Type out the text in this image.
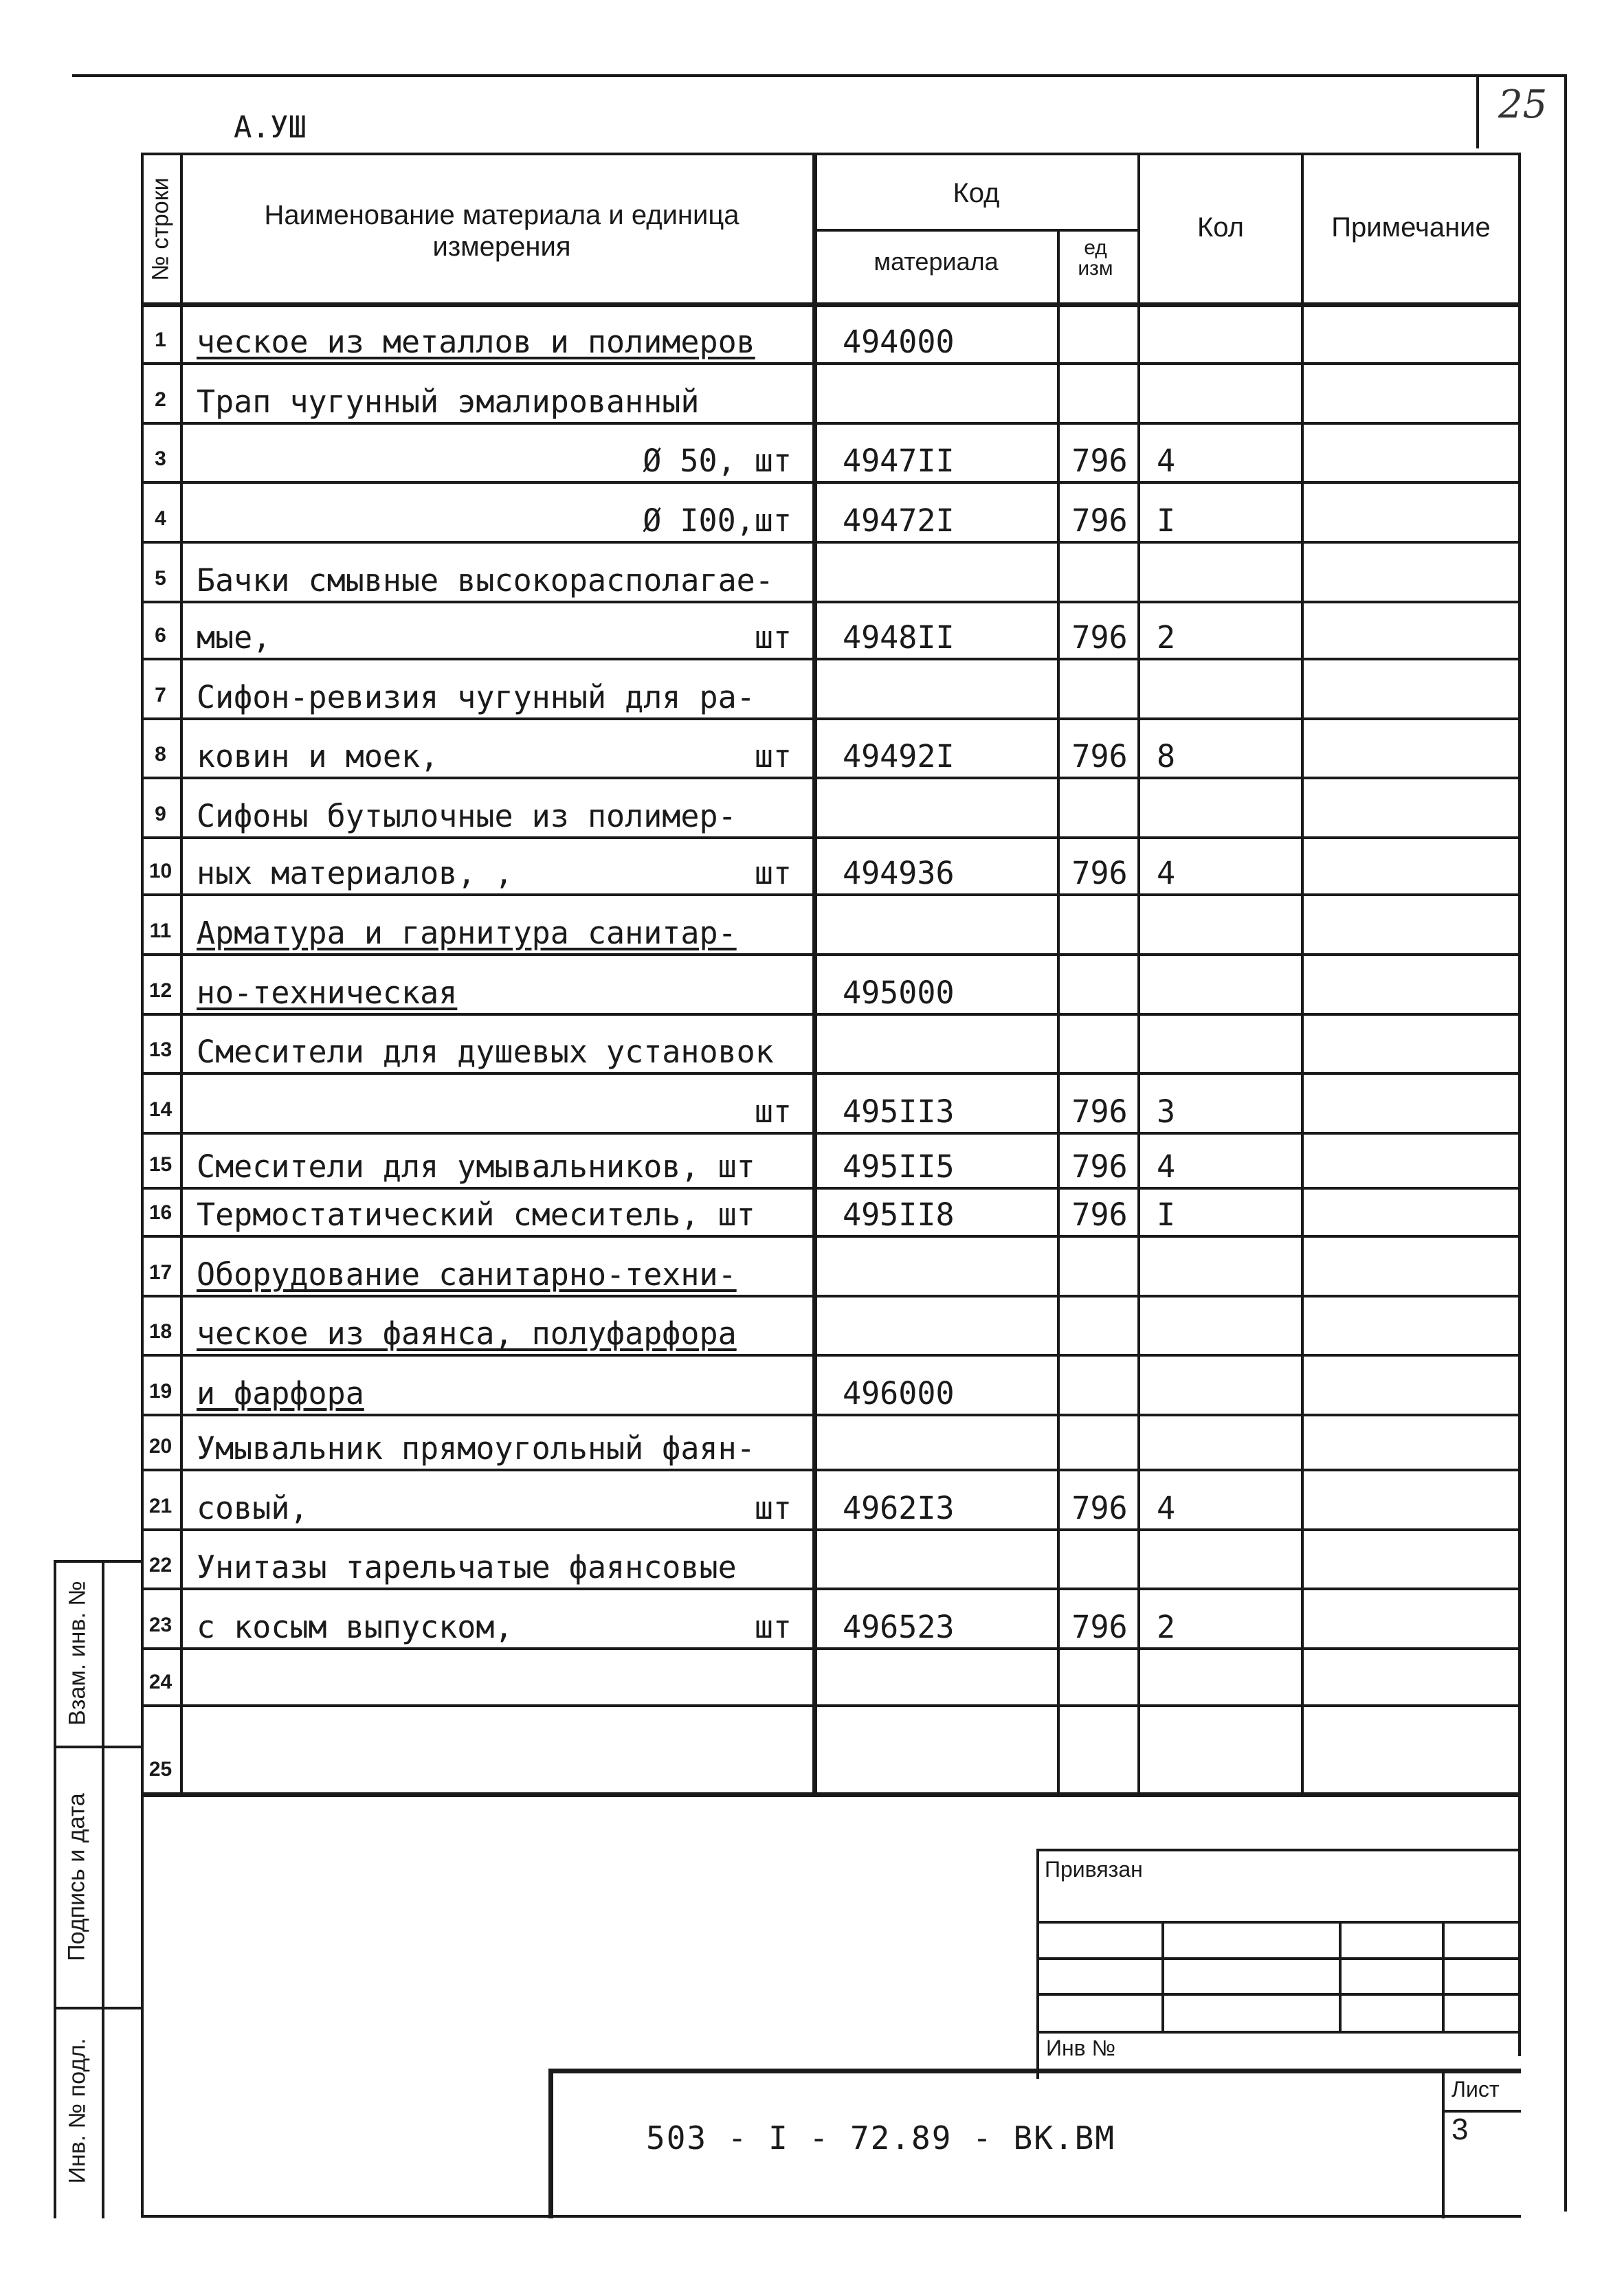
25
А.УШ
№ строки	Наименование материала и единица измерения
Код
материала	ед изм
Кол	Примечание
1 ческое из металлов и полимеров	494000
2 Трап чугунный эмалированный
3	Ø 50, шт	4947II	796 4
4	Ø I00,шт	49472I	796 I
5 Бачки смывные высокорасполагае-
6 мые,	шт	4948II	796 2
7 Сифон-ревизия чугунный для ра-
8 ковин и моек,	шт	49492I	796 8
9 Сифоны бутылочные из полимер-
10 ных материалов, ,	шт	494936	796 4
11 Арматура и гарнитура санитар-
12 но-техническая	495000
13 Смесители для душевых установок
14	шт	495II3	796 3
15 Смесители для умывальников, шт	495II5	796 4
16 Термостатический смеситель, шт	495II8	796 I
17 Оборудование санитарно-техни-
18 ческое из фаянса, полуфарфора
19 и фарфора	496000
20 Умывальник прямоугольный фаян-
21 совый,	шт	4962I3	796 4
22 Унитазы тарельчатые фаянсовые
23 с косым выпуском,	шт	496523	796 2
24
25
Взам. инв. №
Подпись и дата
Инв. № подл.
Привязан
Инв №
503 - I - 72.89 - ВК.ВМ
Лист
3
